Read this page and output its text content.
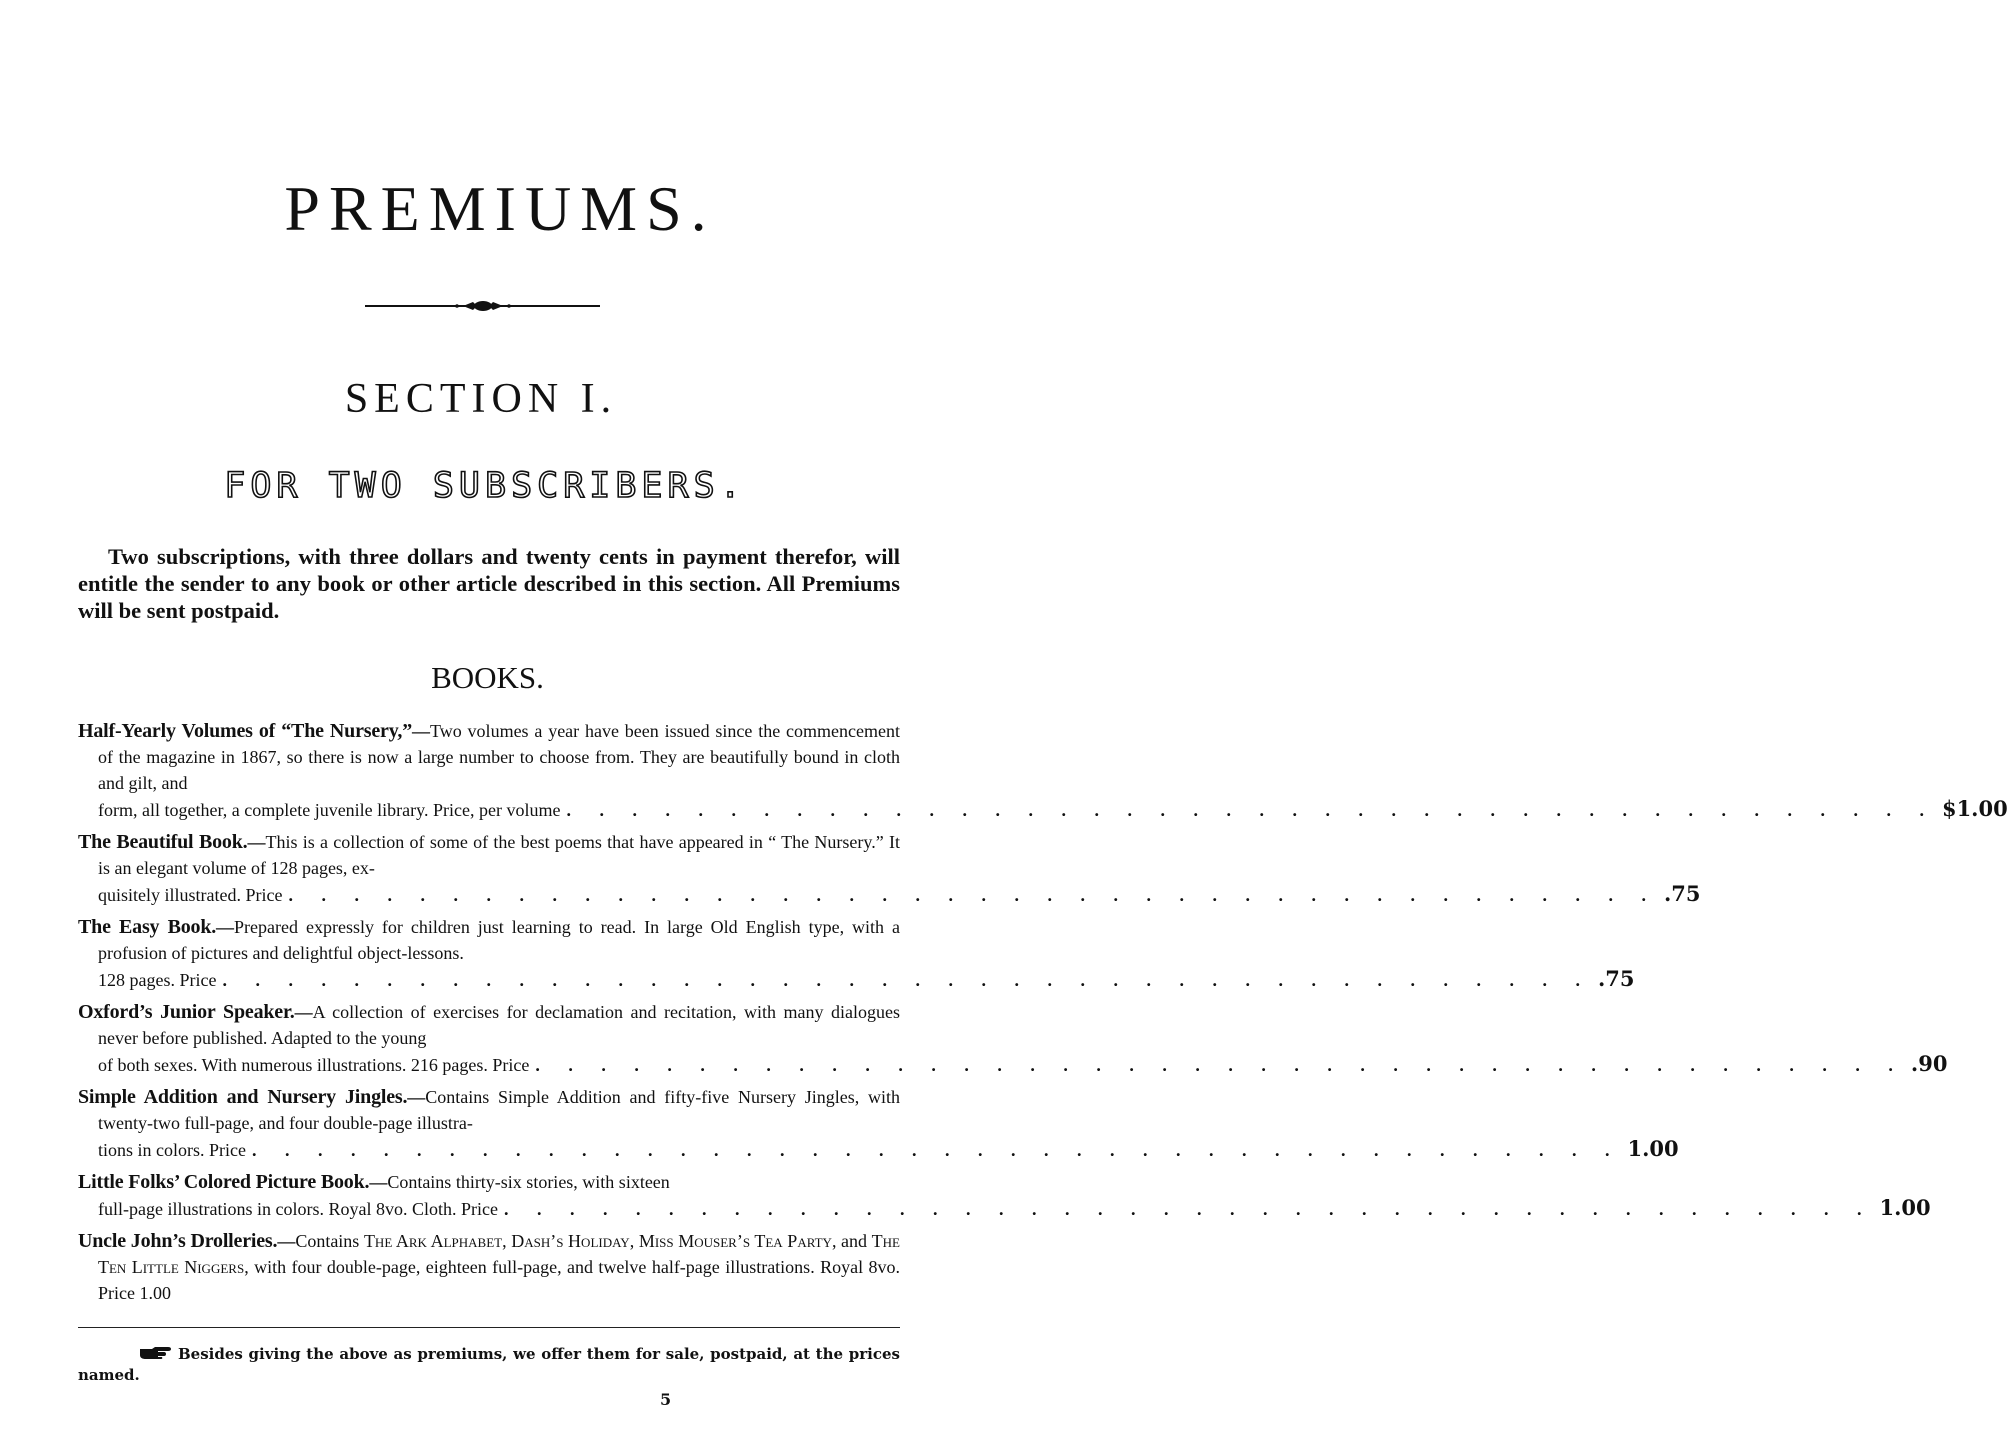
PREMIUMS.
SECTION I.
FOR TWO SUBSCRIBERS.

Two subscriptions, with three dollars and twenty cents in payment therefor, will entitle the sender to any book or other article described in this section. All Premiums will be sent postpaid.

BOOKS.
Half-Yearly Volumes of “The Nursery,”—Two volumes a year have been issued since the commencement of the magazine in 1867, so there is now a large number to choose from. They are beautifully bound in cloth and gilt, and
form, all together, a complete juvenile library. Price, per volume . . . . . . . . . . . . . . . . . . . . . . . . . . . . . . . . . . . . . . . . . . $1.00
The Beautiful Book.—This is a collection of some of the best poems that have appeared in “ The Nursery.” It is an elegant volume of 128 pages, ex-
quisitely illustrated. Price . . . . . . . . . . . . . . . . . . . . . . . . . . . . . . . . . . . . . . . . . . .75
The Easy Book.—Prepared expressly for children just learning to read. In large Old English type, with a profusion of pictures and delightful object-lessons.
128 pages. Price . . . . . . . . . . . . . . . . . . . . . . . . . . . . . . . . . . . . . . . . . . .75
Oxford’s Junior Speaker.—A collection of exercises for declamation and recitation, with many dialogues never before published. Adapted to the young
of both sexes. With numerous illustrations. 216 pages. Price . . . . . . . . . . . . . . . . . . . . . . . . . . . . . . . . . . . . . . . . . . .90
Simple Addition and Nursery Jingles.—Contains Simple Addition and fifty-five Nursery Jingles, with twenty-two full-page, and four double-page illustra-
tions in colors. Price . . . . . . . . . . . . . . . . . . . . . . . . . . . . . . . . . . . . . . . . . . 1.00
Little Folks’ Colored Picture Book.—Contains thirty-six stories, with sixteen
full-page illustrations in colors. Royal 8vo. Cloth. Price . . . . . . . . . . . . . . . . . . . . . . . . . . . . . . . . . . . . . . . . . . 1.00
Uncle John’s Drolleries.—Contains The Ark Alphabet, Dash’s Holiday, Miss Mouser’s Tea Party, and The Ten Little Niggers, with four double-page, eighteen full-page, and twelve half-page illustrations. Royal 8vo. Price 1.00

Besides giving the above as premiums, we offer them for sale, postpaid, at the prices named.

5
